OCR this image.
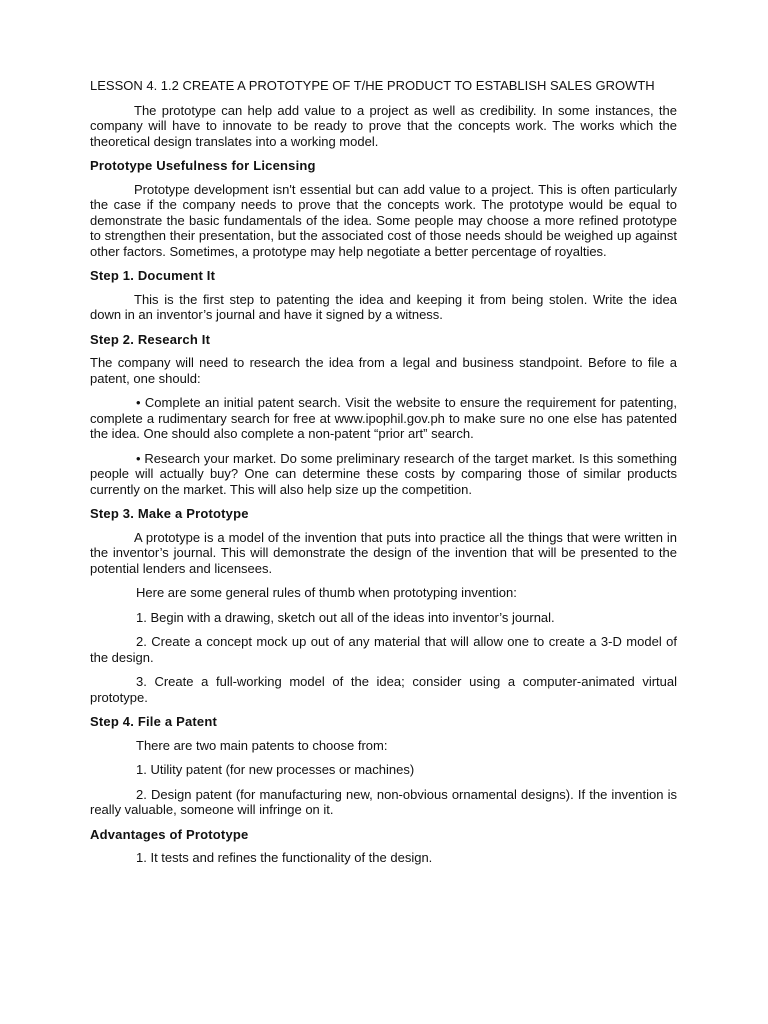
LESSON 4. 1.2 CREATE A PROTOTYPE OF T/HE PRODUCT TO ESTABLISH SALES GROWTH

The prototype can help add value to a project as well as credibility. In some instances, the company will have to innovate to be ready to prove that the concepts work. The works which the theoretical design translates into a working model.

Prototype Usefulness for Licensing

Prototype development isn't essential but can add value to a project. This is often particularly the case if the company needs to prove that the concepts work. The prototype would be equal to demonstrate the basic fundamentals of the idea. Some people may choose a more refined prototype to strengthen their presentation, but the associated cost of those needs should be weighed up against other factors. Sometimes, a prototype may help negotiate a better percentage of royalties.

Step 1. Document It

This is the first step to patenting the idea and keeping it from being stolen. Write the idea down in an inventor’s journal and have it signed by a witness.

Step 2. Research It

The company will need to research the idea from a legal and business standpoint. Before to file a patent, one should:

• Complete an initial patent search. Visit the website to ensure the requirement for patenting, complete a rudimentary search for free at www.ipophil.gov.ph to make sure no one else has patented the idea. One should also complete a non-patent “prior art” search.

• Research your market. Do some preliminary research of the target market. Is this something people will actually buy? One can determine these costs by comparing those of similar products currently on the market. This will also help size up the competition.

Step 3. Make a Prototype

A prototype is a model of the invention that puts into practice all the things that were written in the inventor’s journal. This will demonstrate the design of the invention that will be presented to the potential lenders and licensees.

Here are some general rules of thumb when prototyping invention:

1. Begin with a drawing, sketch out all of the ideas into inventor’s journal.

2. Create a concept mock up out of any material that will allow one to create a 3-D model of the design.

3. Create a full-working model of the idea; consider using a computer-animated virtual prototype.

Step 4. File a Patent

There are two main patents to choose from:

1. Utility patent (for new processes or machines)

2. Design patent (for manufacturing new, non-obvious ornamental designs). If the invention is really valuable, someone will infringe on it.

Advantages of Prototype

1. It tests and refines the functionality of the design.
